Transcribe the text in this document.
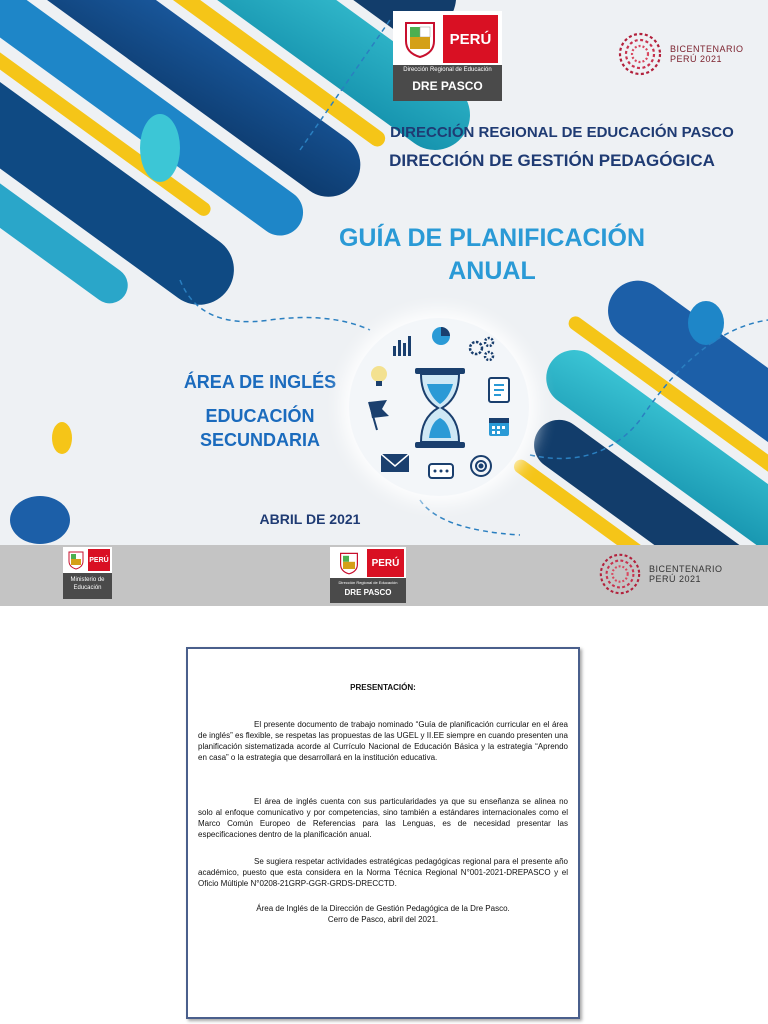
PERÚ
Dirección Regional de Educación
DRE PASCO
BICENTENARIO
PERÚ 2021
DIRECCIÓN REGIONAL DE EDUCACIÓN PASCO
DIRECCIÓN DE GESTIÓN PEDAGÓGICA
GUÍA DE PLANIFICACIÓN
ANUAL
ÁREA DE INGLÉS
EDUCACIÓN
SECUNDARIA
ABRIL DE 2021
BICENTENARIO
PERÚ 2021
PERÚ
Ministerio de
Educación
PERÚ
Dirección Regional de Educación
DRE PASCO
PRESENTACIÓN:

El presente documento de trabajo nominado “Guía de planificación curricular en el área de inglés” es flexible, se respetas las propuestas de las UGEL y II.EE siempre en cuando presenten una planificación sistematizada acorde al Currículo Nacional de Educación Básica y la estrategia “Aprendo en casa” o la estrategia que desarrollará en la institución educativa.

El área de inglés cuenta con sus particularidades ya que su enseñanza se alinea no solo al enfoque comunicativo y por competencias, sino también a estándares internacionales como el Marco Común Europeo de Referencias para las Lenguas, es de necesidad presentar las especificaciones dentro de la planificación anual.

Se sugiera respetar actividades estratégicas pedagógicas regional para el presente año académico, puesto que esta considera en la Norma Técnica Regional N°001-2021-DREPASCO y el Oficio Múltiple N°0208-21GRP-GGR-GRDS-DRECCTD.

Área de Inglés de la Dirección de Gestión Pedagógica de la Dre Pasco.
Cerro de Pasco, abril del 2021.
